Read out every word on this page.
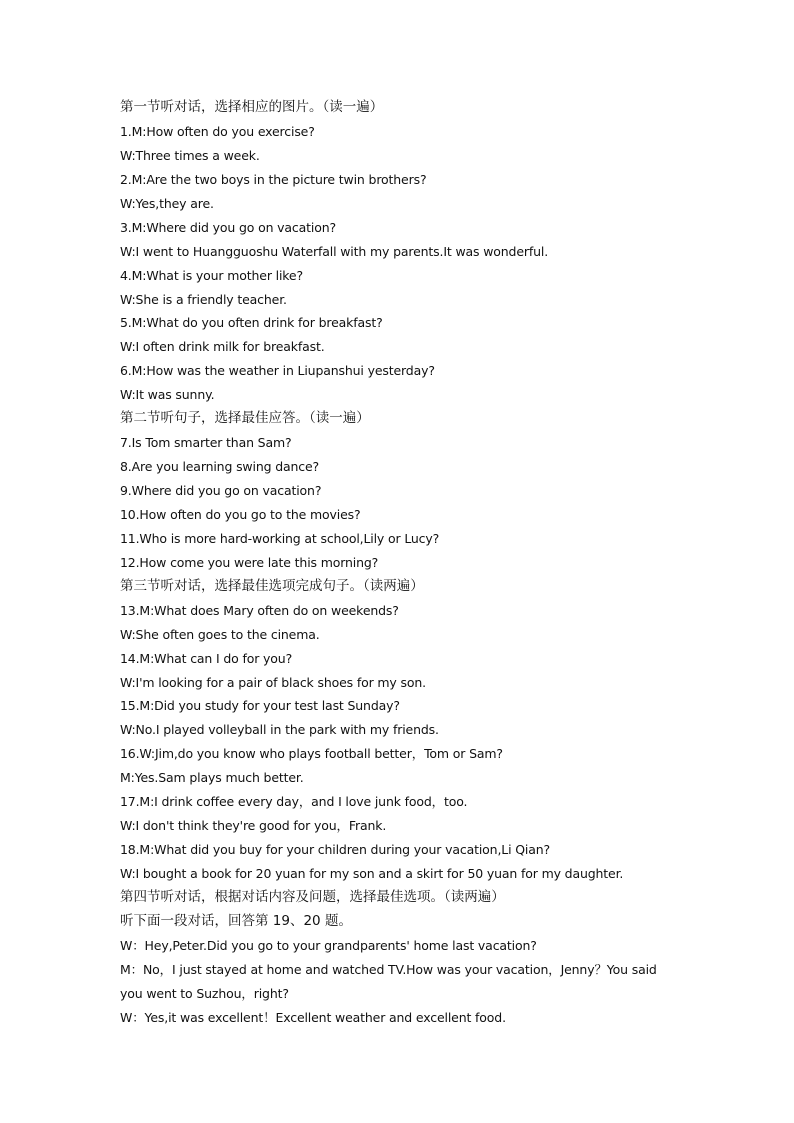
第一节听对话，选择相应的图片。（读一遍）
1.M:How often do you exercise?
W:Three times a week.
2.M:Are the two boys in the picture twin brothers?
W:Yes,they are.
3.M:Where did you go on vacation?
W:I went to Huangguoshu Waterfall with my parents.It was wonderful.
4.M:What is your mother like?
W:She is a friendly teacher.
5.M:What do you often drink for breakfast?
W:I often drink milk for breakfast.
6.M:How was the weather in Liupanshui yesterday?
W:It was sunny.
第二节听句子，选择最佳应答。（读一遍）
7.Is Tom smarter than Sam?
8.Are you learning swing dance?
9.Where did you go on vacation?
10.How often do you go to the movies?
11.Who is more hard-working at school,Lily or Lucy?
12.How come you were late this morning?
第三节听对话，选择最佳选项完成句子。（读两遍）
13.M:What does Mary often do on weekends?
W:She often goes to the cinema.
14.M:What can I do for you?
W:I'm looking for a pair of black shoes for my son.
15.M:Did you study for your test last Sunday?
W:No.I played volleyball in the park with my friends.
16.W:Jim,do you know who plays football better，Tom or Sam?
M:Yes.Sam plays much better.
17.M:I drink coffee every day，and I love junk food，too.
W:I don't think they're good for you，Frank.
18.M:What did you buy for your children during your vacation,Li Qian?
W:I bought a book for 20 yuan for my son and a skirt for 50 yuan for my daughter.
第四节听对话，根据对话内容及问题，选择最佳选项。（读两遍）
听下面一段对话，回答第 19、20 题。
W：Hey,Peter.Did you go to your grandparents' home last vacation?
M：No，I just stayed at home and watched TV.How was your vacation，Jenny？You said
you went to Suzhou，right?
W：Yes,it was excellent！Excellent weather and excellent food.
